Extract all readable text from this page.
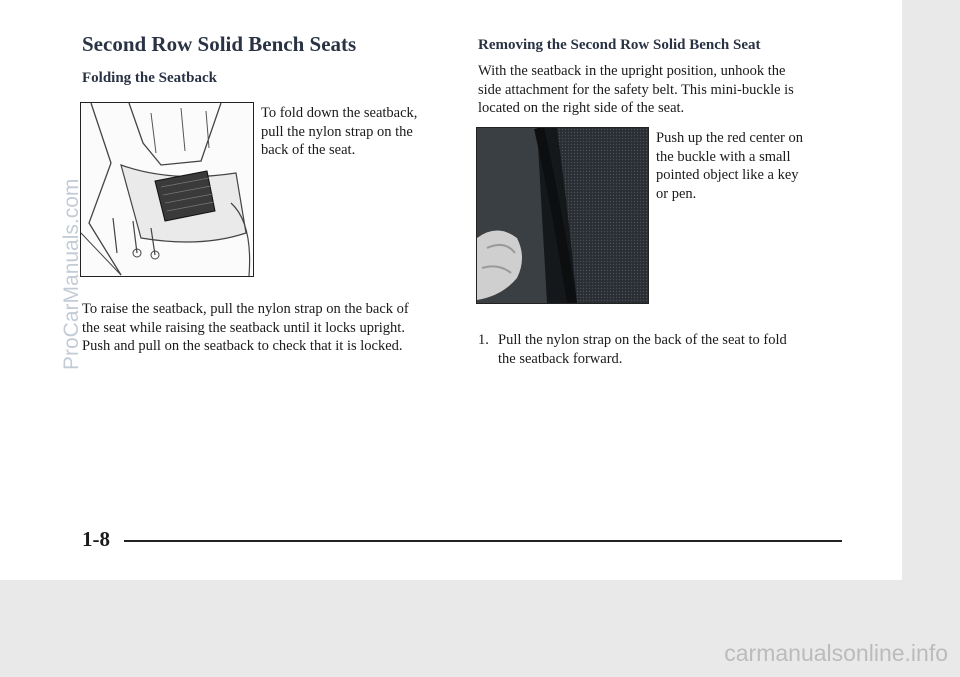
Second Row Solid Bench Seats
Folding the Seatback

To fold down the seatback,
pull the nylon strap on the
back of the seat.

To raise the seatback, pull the nylon strap on the back of
the seat while raising the seatback until it locks upright.
Push and pull on the seatback to check that it is locked.

Removing the Second Row Solid Bench Seat

With the seatback in the upright position, unhook the
side attachment for the safety belt. This mini-buckle is
located on the right side of the seat.

Push up the red center on
the buckle with a small
pointed object like a key
or pen.

1. Pull the nylon strap on the back of the seat to fold
the seatback forward.
1-8
ProCarManuals.com
carmanualsonline.info
